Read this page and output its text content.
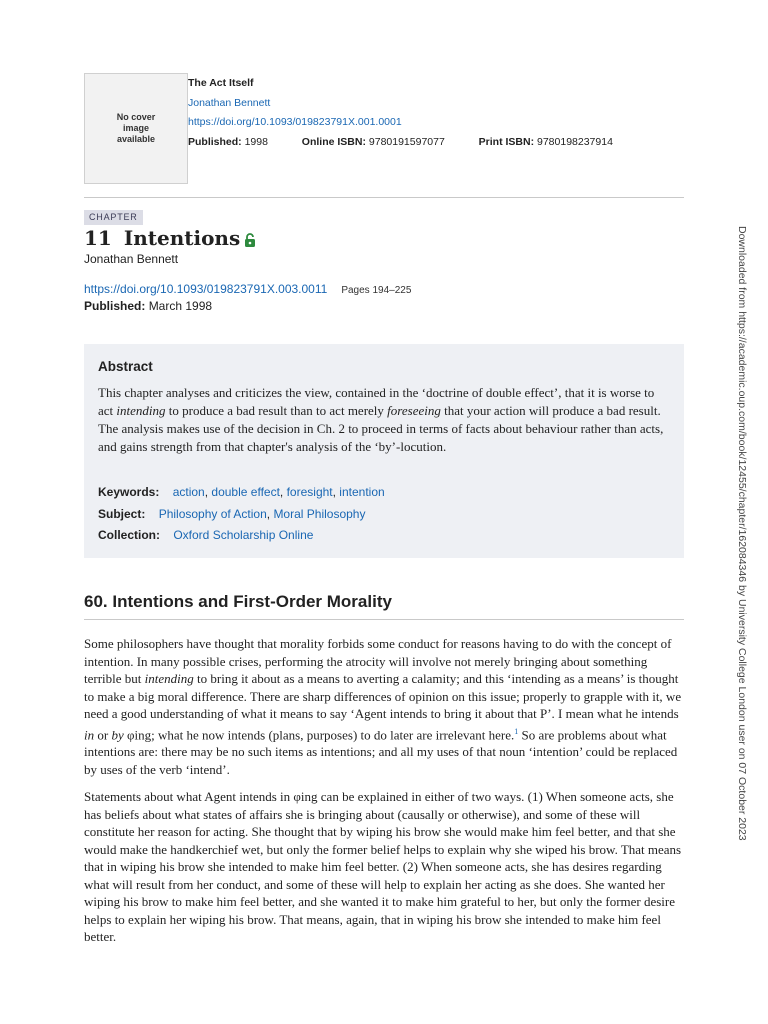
No cover image available
The Act Itself
Jonathan Bennett
https://doi.org/10.1093/019823791X.001.0001
Published: 1998	Online ISBN: 9780191597077	Print ISBN: 9780198237914
CHAPTER
11 Intentions
Jonathan Bennett
https://doi.org/10.1093/019823791X.003.0011 Pages 194–225
Published: March 1998
Abstract
This chapter analyses and criticizes the view, contained in the ‘doctrine of double effect’, that it is worse to act intending to produce a bad result than to act merely foreseeing that your action will produce a bad result. The analysis makes use of the decision in Ch. 2 to proceed in terms of facts about behaviour rather than acts, and gains strength from that chapter's analysis of the ‘by’-locution.
Keywords: action, double effect, foresight, intention
Subject: Philosophy of Action, Moral Philosophy
Collection: Oxford Scholarship Online
60. Intentions and First‐Order Morality
Some philosophers have thought that morality forbids some conduct for reasons having to do with the concept of intention. In many possible crises, performing the atrocity will involve not merely bringing about something terrible but intending to bring it about as a means to averting a calamity; and this ‘intending as a means’ is thought to make a big moral difference. There are sharp differences of opinion on this issue; properly to grapple with it, we need a good understanding of what it means to say ‘Agent intends to bring it about that P’. I mean what he intends in or by φing; what he now intends (plans, purposes) to do later are irrelevant here.$^1$ So are problems about what intentions are: there may be no such items as intentions; and all my uses of that noun ‘intention’ could be replaced by uses of the verb ‘intend’.
Statements about what Agent intends in φing can be explained in either of two ways. (1) When someone acts, she has beliefs about what states of affairs she is bringing about (causally or otherwise), and some of these will constitute her reason for acting. She thought that by wiping his brow she would make him feel better, and that she would make the handkerchief wet, but only the former belief helps to explain why she wiped his brow. That means that in wiping his brow she intended to make him feel better. (2) When someone acts, she has desires regarding what will result from her conduct, and some of these will help to explain her acting as she does. She wanted her wiping his brow to make him feel better, and she wanted it to make him grateful to her, but only the former desire helps to explain her wiping his brow. That means, again, that in wiping his brow she intended to make him feel better.
Downloaded from https://academic.oup.com/book/12455/chapter/162084346 by University College London user on 07 October 2023
